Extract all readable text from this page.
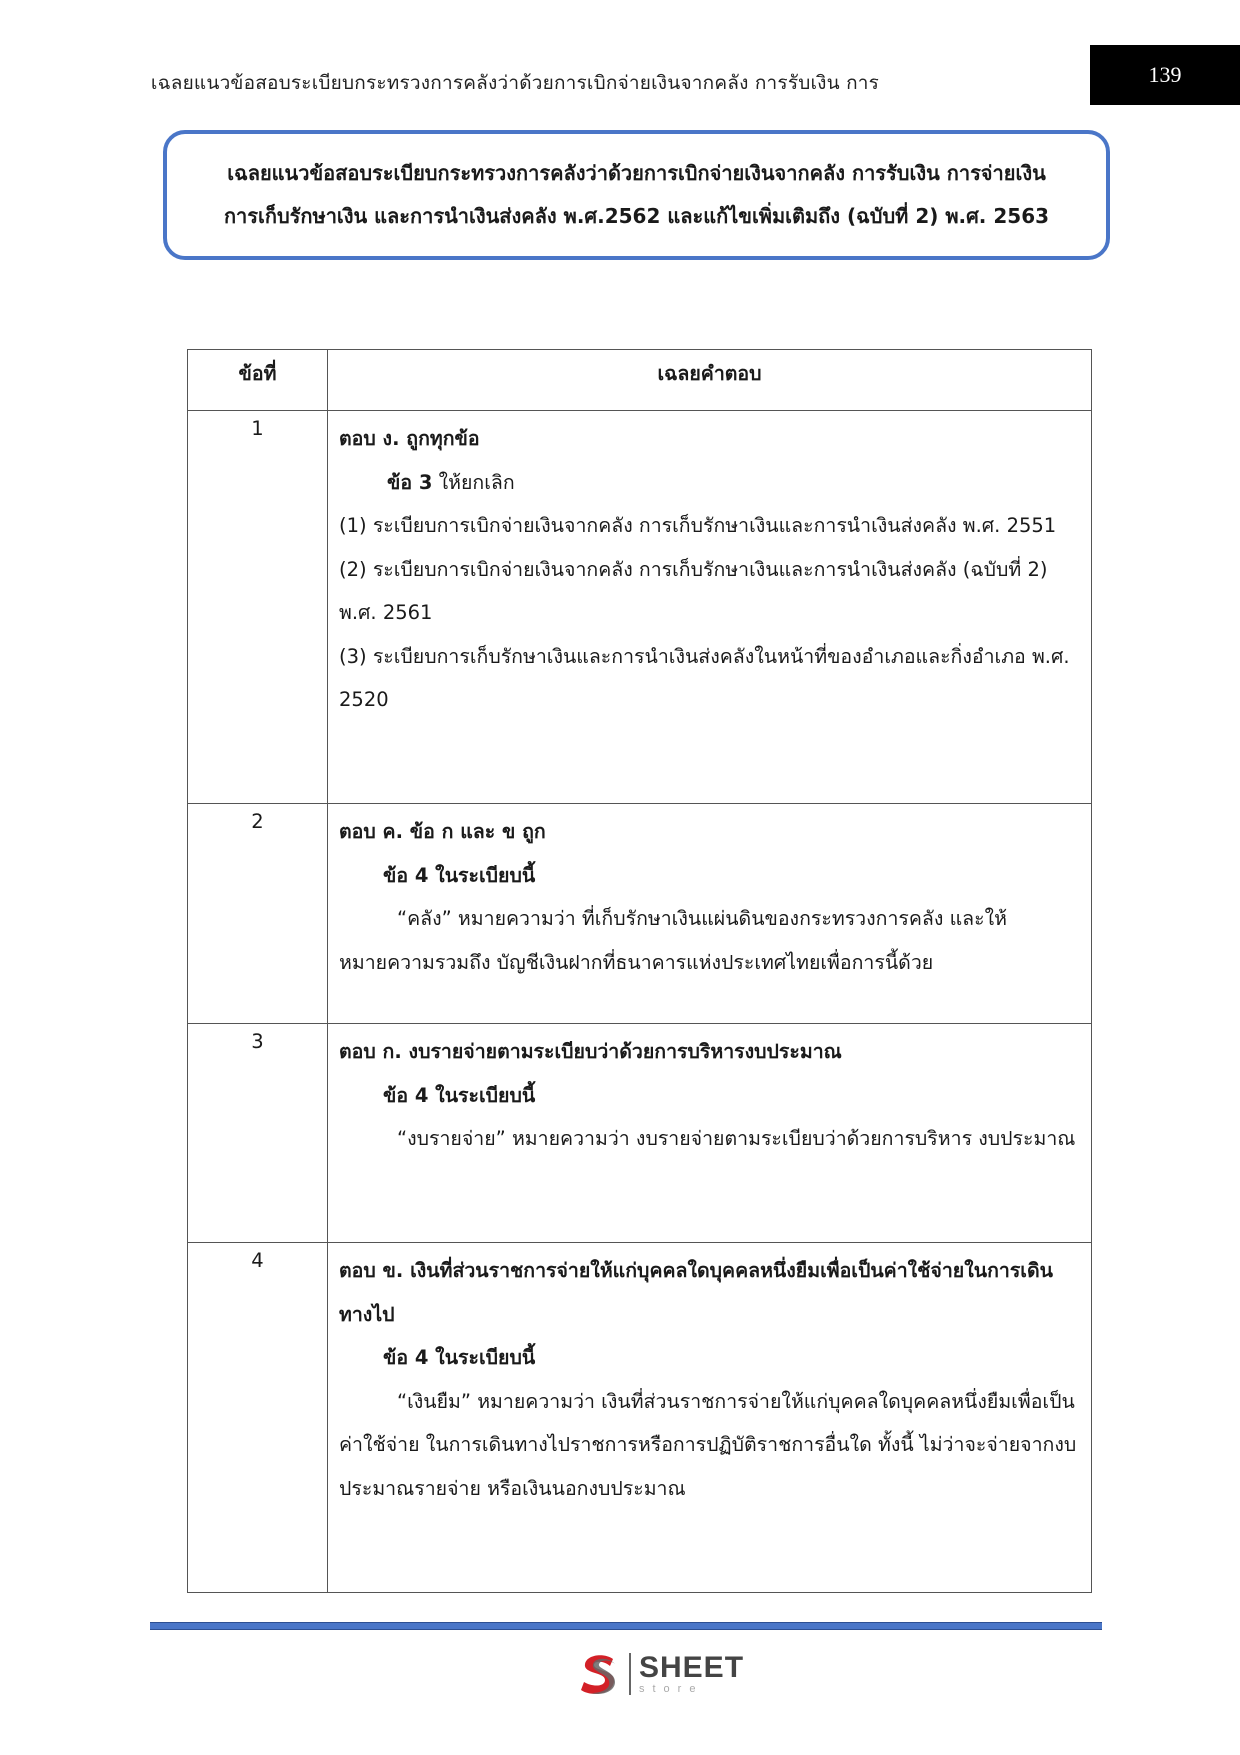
เฉลยแนวข้อสอบระเบียบกระทรวงการคลังว่าด้วยการเบิกจ่ายเงินจากคลัง การรับเงิน การ	139
เฉลยแนวข้อสอบระเบียบกระทรวงการคลังว่าด้วยการเบิกจ่ายเงินจากคลัง การรับเงิน การจ่ายเงิน
การเก็บรักษาเงิน และการนำเงินส่งคลัง พ.ศ.2562 และแก้ไขเพิ่มเติมถึง (ฉบับที่ 2) พ.ศ. 2563
ข้อที่	เฉลยคำตอบ
1	ตอบ ง. ถูกทุกข้อ
ข้อ 3 ให้ยกเลิก
(1) ระเบียบการเบิกจ่ายเงินจากคลัง การเก็บรักษาเงินและการนำเงินส่งคลัง พ.ศ. 2551
(2) ระเบียบการเบิกจ่ายเงินจากคลัง การเก็บรักษาเงินและการนำเงินส่งคลัง (ฉบับที่ 2) พ.ศ. 2561
(3) ระเบียบการเก็บรักษาเงินและการนำเงินส่งคลังในหน้าที่ของอำเภอและกิ่งอำเภอ พ.ศ. 2520

2	ตอบ ค. ข้อ ก และ ข ถูก
ข้อ 4 ในระเบียบนี้
“คลัง” หมายความว่า ที่เก็บรักษาเงินแผ่นดินของกระทรวงการคลัง และให้หมายความรวมถึง บัญชีเงินฝากที่ธนาคารแห่งประเทศไทยเพื่อการนี้ด้วย

3	ตอบ ก. งบรายจ่ายตามระเบียบว่าด้วยการบริหารงบประมาณ
ข้อ 4 ในระเบียบนี้
“งบรายจ่าย” หมายความว่า งบรายจ่ายตามระเบียบว่าด้วยการบริหาร งบประมาณ

4	ตอบ ข. เงินที่ส่วนราชการจ่ายให้แก่บุคคลใดบุคคลหนึ่งยืมเพื่อเป็นค่าใช้จ่ายในการเดินทางไป
ข้อ 4 ในระเบียบนี้
“เงินยืม” หมายความว่า เงินที่ส่วนราชการจ่ายให้แก่บุคคลใดบุคคลหนึ่งยืมเพื่อเป็นค่าใช้จ่าย ในการเดินทางไปราชการหรือการปฏิบัติราชการอื่นใด ทั้งนี้ ไม่ว่าจะจ่ายจากงบประมาณรายจ่าย หรือเงินนอกงบประมาณ
SHEET
store
